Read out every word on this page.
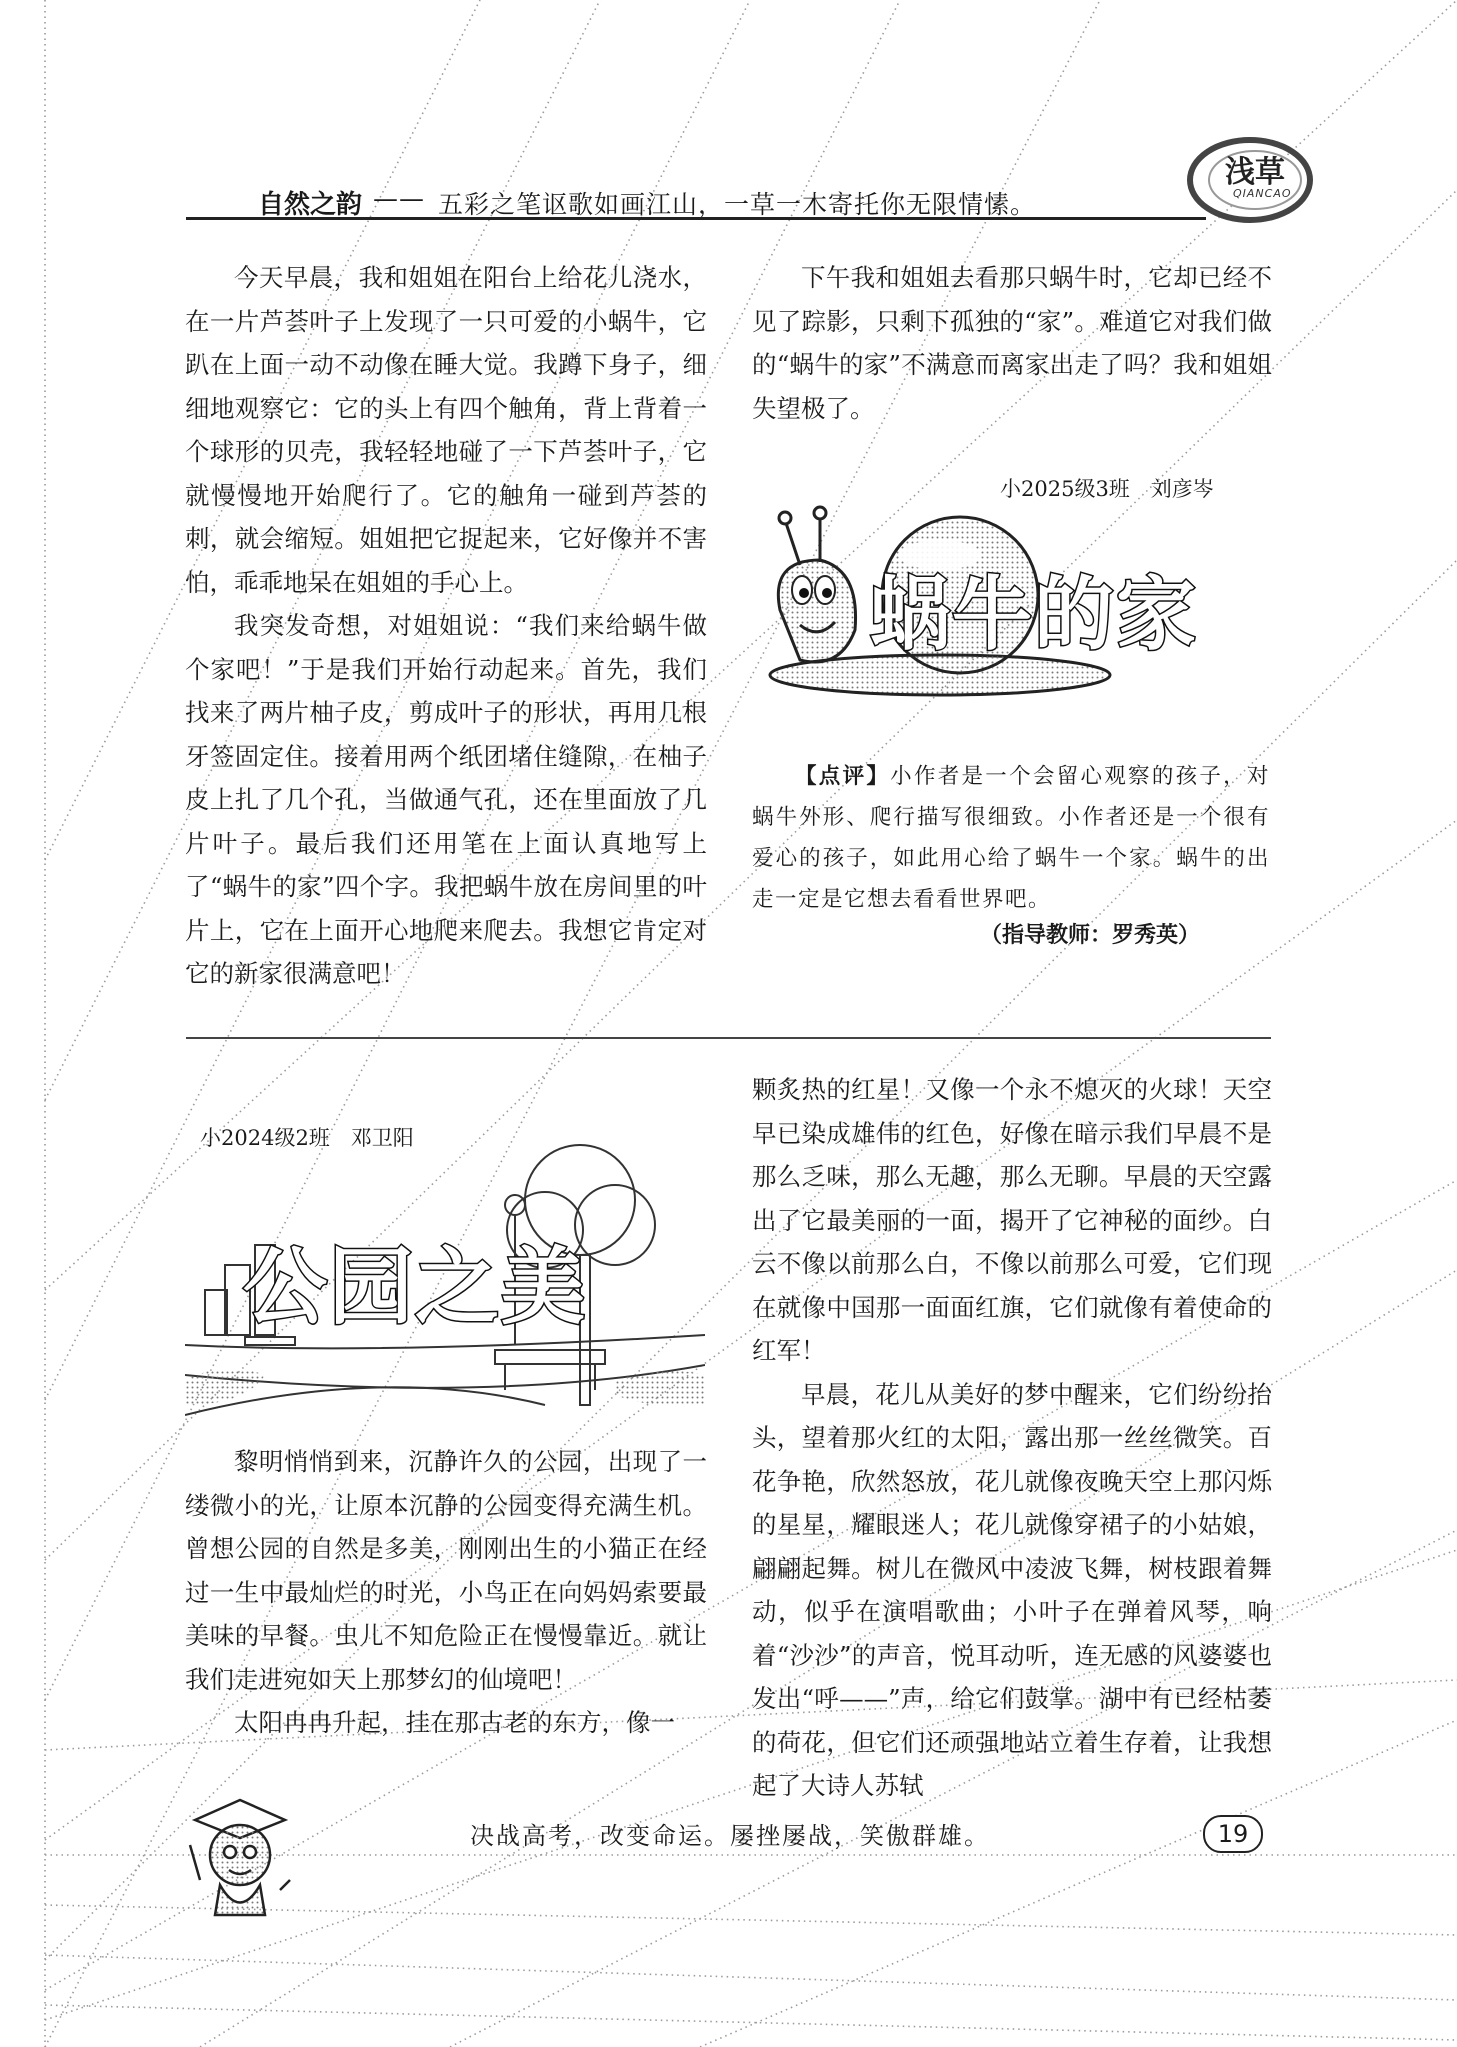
自然之韵 —— 五彩之笔讴歌如画江山，一草一木寄托你无限情愫。
浅草
QIANCAO

今天早晨，我和姐姐在阳台上给花儿浇水，在一片芦荟叶子上发现了一只可爱的小蜗牛，它趴在上面一动不动像在睡大觉。我蹲下身子，细细地观察它：它的头上有四个触角，背上背着一个球形的贝壳，我轻轻地碰了一下芦荟叶子，它就慢慢地开始爬行了。它的触角一碰到芦荟的刺，就会缩短。姐姐把它捉起来，它好像并不害怕，乖乖地呆在姐姐的手心上。

我突发奇想，对姐姐说：“我们来给蜗牛做个家吧！”于是我们开始行动起来。首先，我们找来了两片柚子皮，剪成叶子的形状，再用几根牙签固定住。接着用两个纸团堵住缝隙，在柚子皮上扎了几个孔，当做通气孔，还在里面放了几片叶子。最后我们还用笔在上面认真地写上了“蜗牛的家”四个字。我把蜗牛放在房间里的叶片上，它在上面开心地爬来爬去。我想它肯定对它的新家很满意吧！

下午我和姐姐去看那只蜗牛时，它却已经不见了踪影，只剩下孤独的“家”。难道它对我们做的“蜗牛的家”不满意而离家出走了吗？我和姐姐失望极了。

小2025级3班　刘彦岑
蜗牛的家

【点评】小作者是一个会留心观察的孩子，对蜗牛外形、爬行描写很细致。小作者还是一个很有爱心的孩子，如此用心给了蜗牛一个家。蜗牛的出走一定是它想去看看世界吧。

（指导教师：罗秀英）
小2024级2班　邓卫阳
公园之美

黎明悄悄到来，沉静许久的公园，出现了一缕微小的光，让原本沉静的公园变得充满生机。曾想公园的自然是多美，刚刚出生的小猫正在经过一生中最灿烂的时光，小鸟正在向妈妈索要最美味的早餐。虫儿不知危险正在慢慢靠近。就让我们走进宛如天上那梦幻的仙境吧！

太阳冉冉升起，挂在那古老的东方，像一

颗炙热的红星！又像一个永不熄灭的火球！天空早已染成雄伟的红色，好像在暗示我们早晨不是那么乏味，那么无趣，那么无聊。早晨的天空露出了它最美丽的一面，揭开了它神秘的面纱。白云不像以前那么白，不像以前那么可爱，它们现在就像中国那一面面红旗，它们就像有着使命的红军！

早晨，花儿从美好的梦中醒来，它们纷纷抬头，望着那火红的太阳，露出那一丝丝微笑。百花争艳，欣然怒放，花儿就像夜晚天空上那闪烁的星星，耀眼迷人；花儿就像穿裙子的小姑娘，翩翩起舞。树儿在微风中凌波飞舞，树枝跟着舞动，似乎在演唱歌曲；小叶子在弹着风琴，响着“沙沙”的声音，悦耳动听，连无感的风婆婆也发出“呼——”声，给它们鼓掌。湖中有已经枯萎的荷花，但它们还顽强地站立着生存着，让我想起了大诗人苏轼

决战高考，改变命运。屡挫屡战，笑傲群雄。	19
